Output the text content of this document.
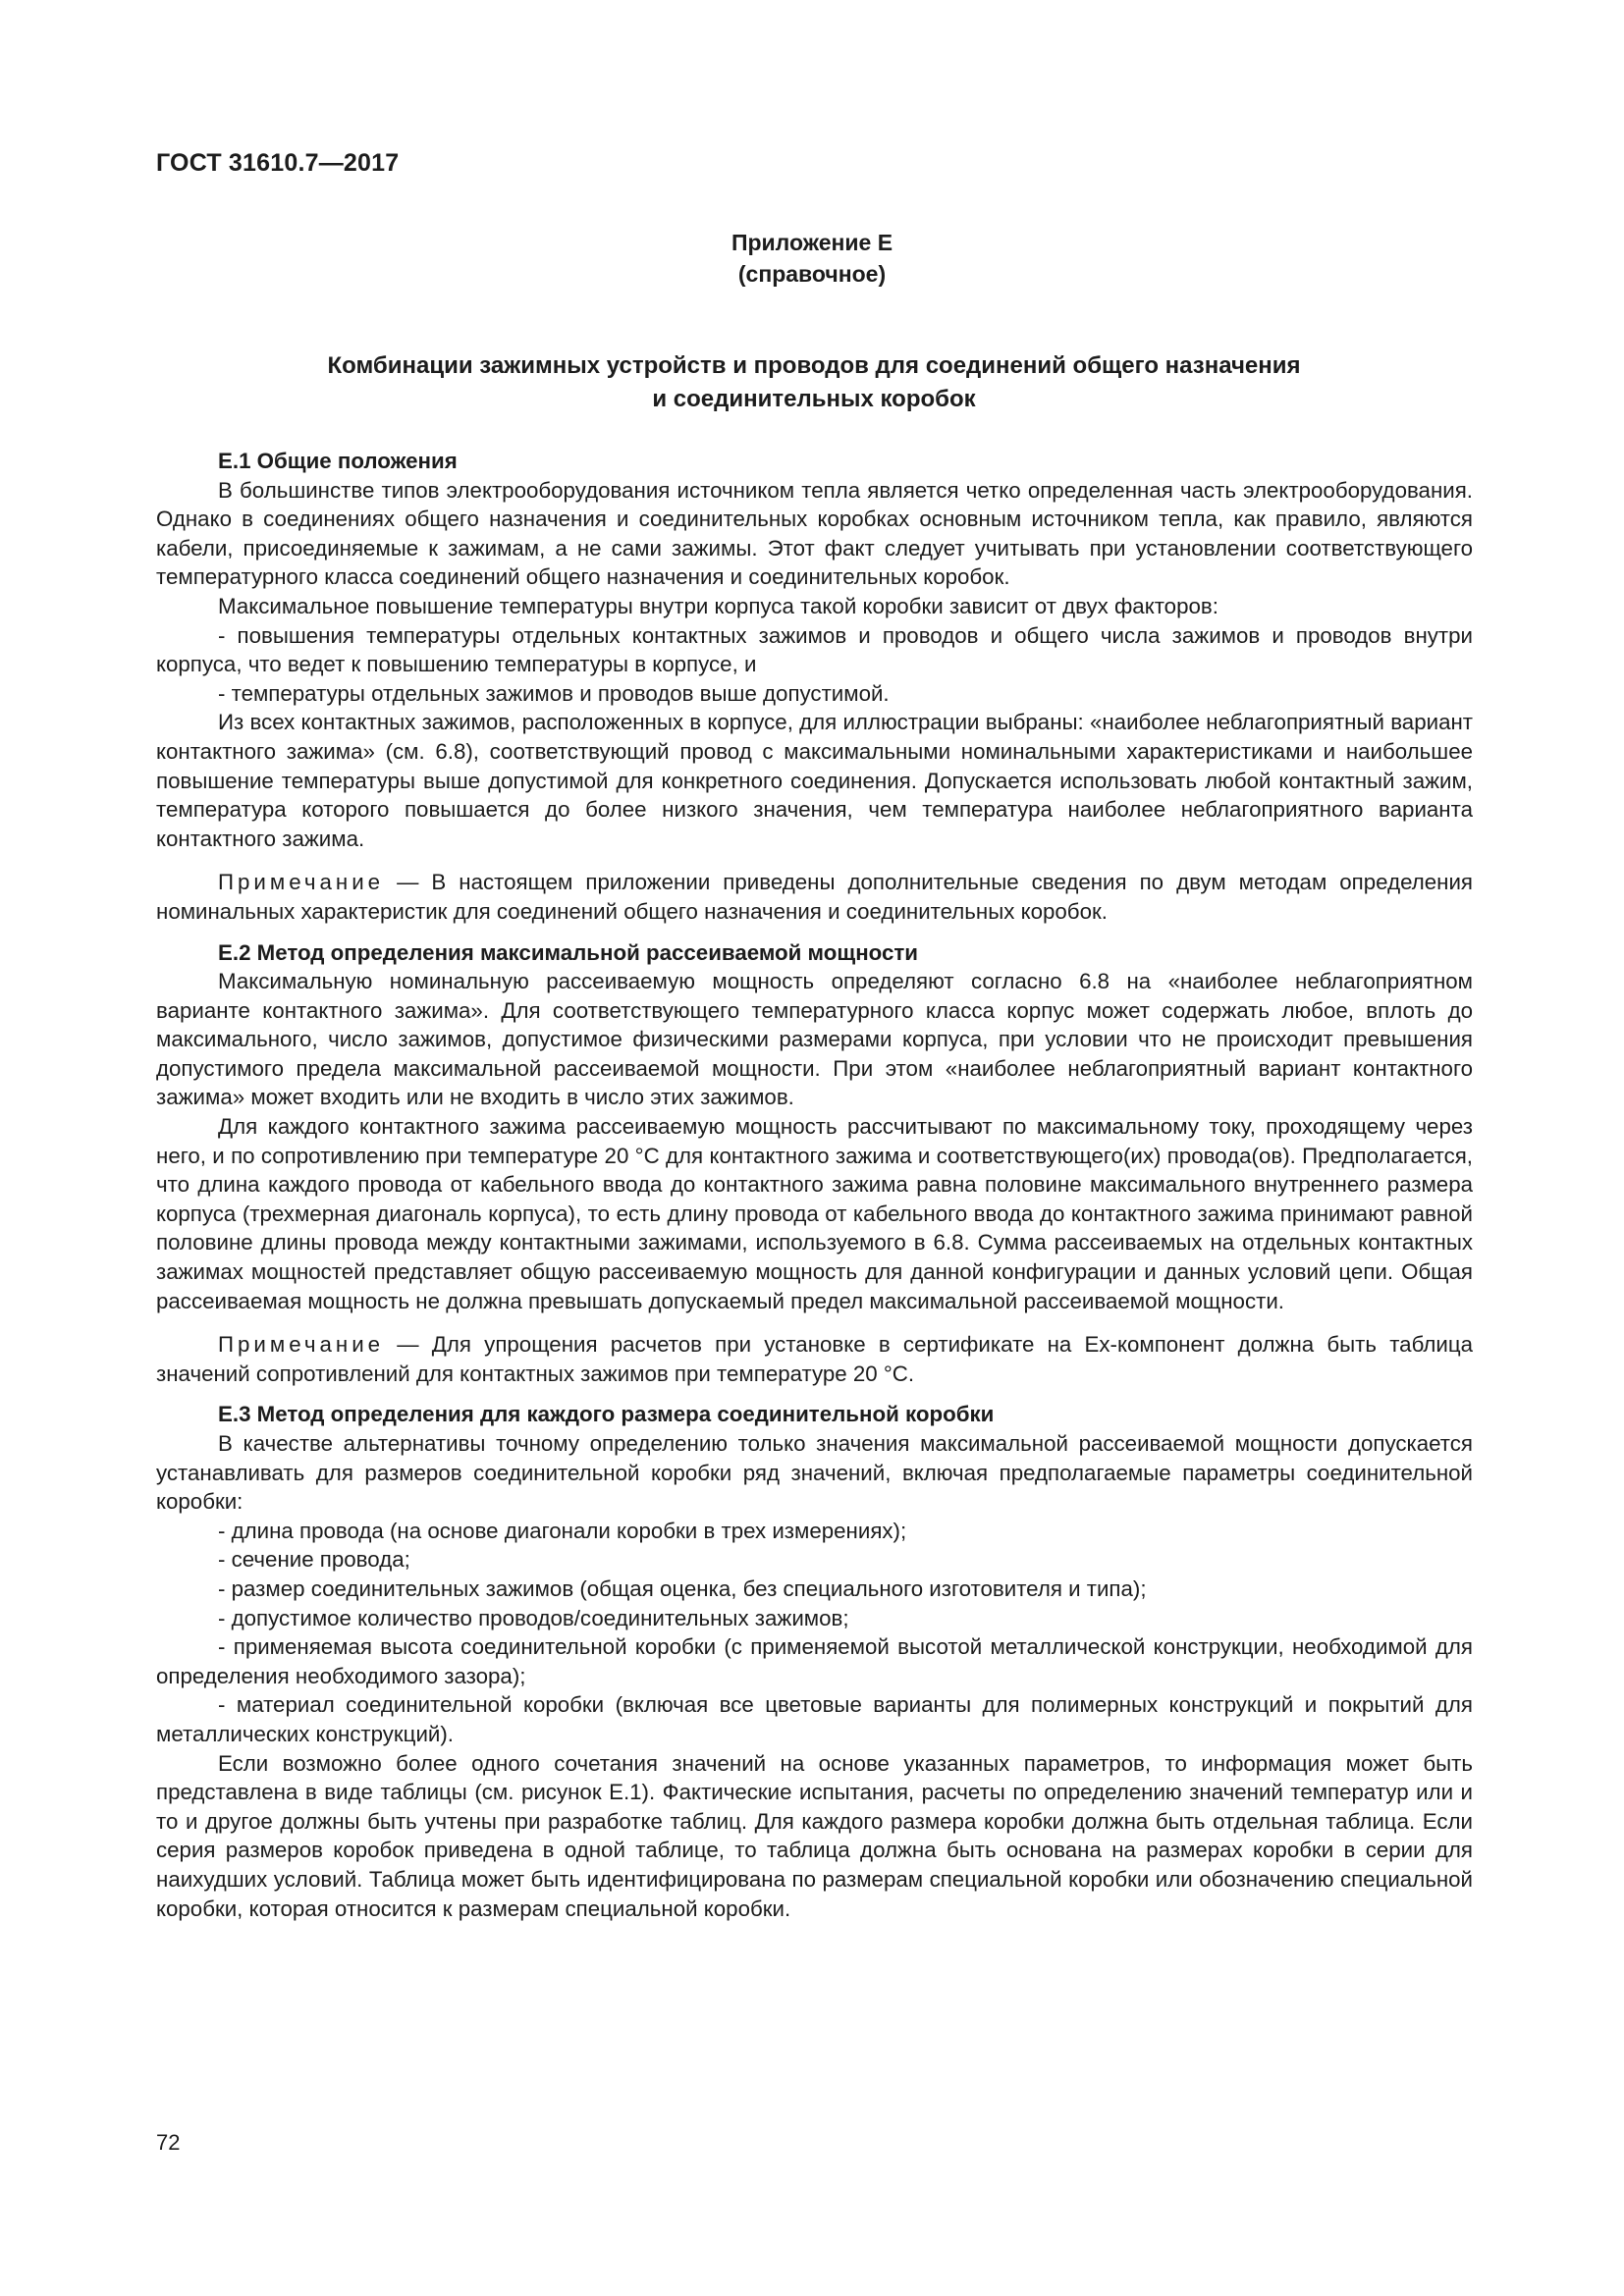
ГОСТ 31610.7—2017
Приложение Е
(справочное)
Комбинации зажимных устройств и проводов для соединений общего назначения
и соединительных коробок
Е.1 Общие положения

В большинстве типов электрооборудования источником тепла является четко определенная часть электрооборудования. Однако в соединениях общего назначения и соединительных коробках основным источником тепла, как правило, являются кабели, присоединяемые к зажимам, а не сами зажимы. Этот факт следует учитывать при установлении соответствующего температурного класса соединений общего назначения и соединительных коробок.

Максимальное повышение температуры внутри корпуса такой коробки зависит от двух факторов:

- повышения температуры отдельных контактных зажимов и проводов и общего числа зажимов и проводов внутри корпуса, что ведет к повышению температуры в корпусе, и

- температуры отдельных зажимов и проводов выше допустимой.

Из всех контактных зажимов, расположенных в корпусе, для иллюстрации выбраны: «наиболее неблагоприятный вариант контактного зажима» (см. 6.8), соответствующий провод с максимальными номинальными характеристиками и наибольшее повышение температуры выше допустимой для конкретного соединения. Допускается использовать любой контактный зажим, температура которого повышается до более низкого значения, чем температура наиболее неблагоприятного варианта контактного зажима.

Примечание — В настоящем приложении приведены дополнительные сведения по двум методам определения номинальных характеристик для соединений общего назначения и соединительных коробок.

Е.2 Метод определения максимальной рассеиваемой мощности

Максимальную номинальную рассеиваемую мощность определяют согласно 6.8 на «наиболее неблагоприятном варианте контактного зажима». Для соответствующего температурного класса корпус может содержать любое, вплоть до максимального, число зажимов, допустимое физическими размерами корпуса, при условии что не происходит превышения допустимого предела максимальной рассеиваемой мощности. При этом «наиболее неблагоприятный вариант контактного зажима» может входить или не входить в число этих зажимов.

Для каждого контактного зажима рассеиваемую мощность рассчитывают по максимальному току, проходящему через него, и по сопротивлению при температуре 20 °С для контактного зажима и соответствующего(их) провода(ов). Предполагается, что длина каждого провода от кабельного ввода до контактного зажима равна половине максимального внутреннего размера корпуса (трехмерная диагональ корпуса), то есть длину провода от кабельного ввода до контактного зажима принимают равной половине длины провода между контактными зажимами, используемого в 6.8. Сумма рассеиваемых на отдельных контактных зажимах мощностей представляет общую рассеиваемую мощность для данной конфигурации и данных условий цепи. Общая рассеиваемая мощность не должна превышать допускаемый предел максимальной рассеиваемой мощности.

Примечание — Для упрощения расчетов при установке в сертификате на Ex-компонент должна быть таблица значений сопротивлений для контактных зажимов при температуре 20 °С.

Е.3 Метод определения для каждого размера соединительной коробки

В качестве альтернативы точному определению только значения максимальной рассеиваемой мощности допускается устанавливать для размеров соединительной коробки ряд значений, включая предполагаемые параметры соединительной коробки:

- длина провода (на основе диагонали коробки в трех измерениях);

- сечение провода;

- размер соединительных зажимов (общая оценка, без специального изготовителя и типа);

- допустимое количество проводов/соединительных зажимов;

- применяемая высота соединительной коробки (с применяемой высотой металлической конструкции, необходимой для определения необходимого зазора);

- материал соединительной коробки (включая все цветовые варианты для полимерных конструкций и покрытий для металлических конструкций).

Если возможно более одного сочетания значений на основе указанных параметров, то информация может быть представлена в виде таблицы (см. рисунок Е.1). Фактические испытания, расчеты по определению значений температур или и то и другое должны быть учтены при разработке таблиц. Для каждого размера коробки должна быть отдельная таблица. Если серия размеров коробок приведена в одной таблице, то таблица должна быть основана на размерах коробки в серии для наихудших условий. Таблица может быть идентифицирована по размерам специальной коробки или обозначению специальной коробки, которая относится к размерам специальной коробки.

72
